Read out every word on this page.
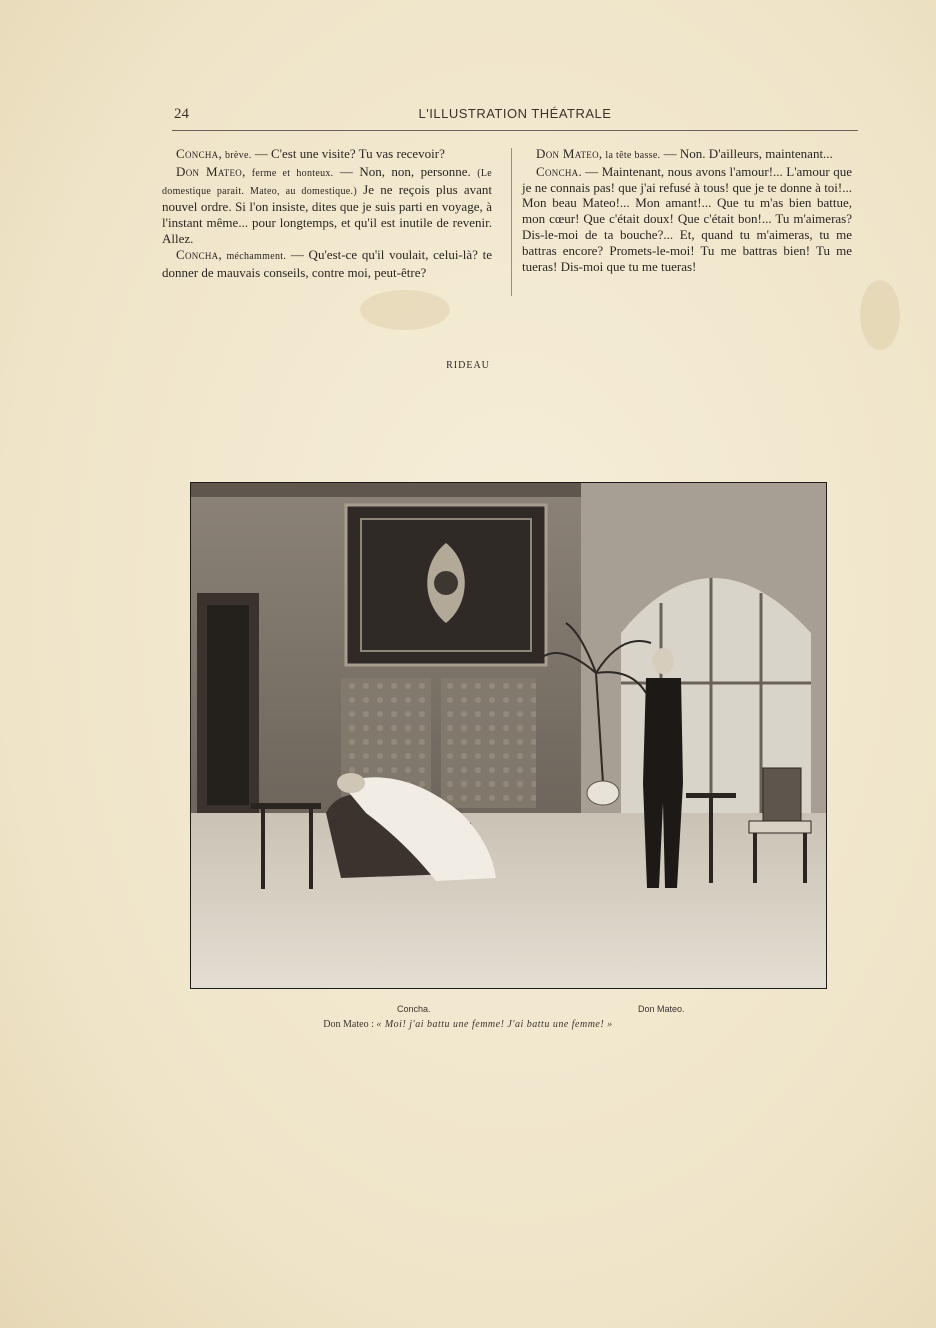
24	L'ILLUSTRATION THÉATRALE

Concha, brève. — C'est une visite? Tu vas recevoir?

Don Mateo, ferme et honteux. — Non, non, personne. (Le domestique parait. Mateo, au domestique.) Je ne reçois plus avant nouvel ordre. Si l'on insiste, dites que je suis parti en voyage, à l'instant même... pour longtemps, et qu'il est inutile de revenir. Allez.

Concha, méchamment. — Qu'est-ce qu'il voulait, celui-là? te donner de mauvais conseils, contre moi, peut-être?

Don Mateo, la tête basse. — Non. D'ailleurs, maintenant...

Concha. — Maintenant, nous avons l'amour!... L'amour que je ne connais pas! que j'ai refusé à tous! que je te donne à toi!... Mon beau Mateo!... Mon amant!... Que tu m'as bien battue, mon cœur! Que c'était doux! Que c'était bon!... Tu m'aimeras? Dis-le-moi de ta bouche?... Et, quand tu m'aimeras, tu me battras encore? Promets-le-moi! Tu me battras bien! Tu me tueras! Dis-moi que tu me tueras!

RIDEAU
Concha.	Don Mateo.
Don Mateo : « Moi! j'ai battu une femme! J'ai battu une femme! »
